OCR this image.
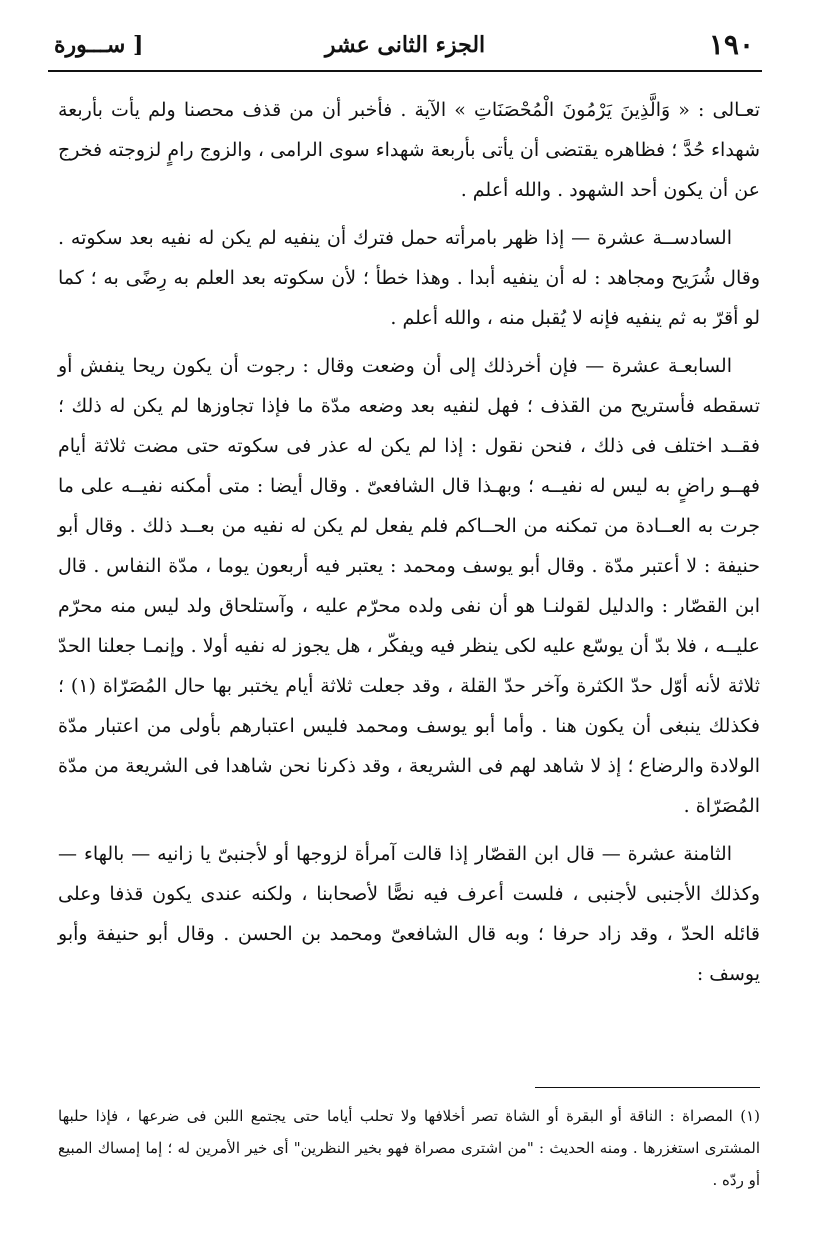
١٩٠
الجزء الثانى عشر
[ ســـورة

تعـالى : « وَالَّذِينَ يَرْمُونَ الْمُحْصَنَاتِ » الآية . فأخبر أن من قذف محصنا ولم يأت بأربعة شهداء حُدَّ ؛ فظاهره يقتضى أن يأتى بأربعة شهداء سوى الرامى ، والزوج رامٍ لزوجته فخرج عن أن يكون أحد الشهود . والله أعلم .

السادســة عشرة — إذا ظهر بامرأته حمل فترك أن ينفيه لم يكن له نفيه بعد سكوته . وقال شُرَيح ومجاهد : له أن ينفيه أبدا . وهذا خطأ ؛ لأن سكوته بعد العلم به رِضًى به ؛ كما لو أقرّ به ثم ينفيه فإنه لا يُقبل منه ، والله أعلم .

السابعـة عشرة — فإن أخرذلك إلى أن وضعت وقال : رجوت أن يكون ريحا ينفش أو تسقطه فأستريح من القذف ؛ فهل لنفيه بعد وضعه مدّة ما فإذا تجاوزها لم يكن له ذلك ؛ فقــد اختلف فى ذلك ، فنحن نقول : إذا لم يكن له عذر فى سكوته حتى مضت ثلاثة أيام فهــو راضٍ به ليس له نفيــه ؛ وبهـذا قال الشافعىّ . وقال أيضا : متى أمكنه نفيــه على ما جرت به العــادة من تمكنه من الحــاكم فلم يفعل لم يكن له نفيه من بعــد ذلك . وقال أبو حنيفة : لا أعتبر مدّة . وقال أبو يوسف ومحمد : يعتبر فيه أربعون يوما ، مدّة النفاس . قال ابن القصّار : والدليل لقولنـا هو أن نفى ولده محرّم عليه ، وآستلحاق ولد ليس منه محرّم عليــه ، فلا بدّ أن يوسّع عليه لكى ينظر فيه ويفكّر ، هل يجوز له نفيه أولا . وإنمـا جعلنا الحدّ ثلاثة لأنه أوّل حدّ الكثرة وآخر حدّ القلة ، وقد جعلت ثلاثة أيام يختبر بها حال المُصَرّاة (١) ؛ فكذلك ينبغى أن يكون هنا . وأما أبو يوسف ومحمد فليس اعتبارهم بأولى من اعتبار مدّة الولادة والرضاع ؛ إذ لا شاهد لهم فى الشريعة ، وقد ذكرنا نحن شاهدا فى الشريعة من مدّة المُصَرّاة .

الثامنة عشرة — قال ابن القصّار إذا قالت آمرأة لزوجها أو لأجنبىّ يا زانيه — بالهاء — وكذلك الأجنبى لأجنبى ، فلست أعرف فيه نصًّا لأصحابنا ، ولكنه عندى يكون قذفا وعلى قائله الحدّ ، وقد زاد حرفا ؛ وبه قال الشافعىّ ومحمد بن الحسن . وقال أبو حنيفة وأبو يوسف :

(١) المصراة : الناقة أو البقرة أو الشاة تصر أخلافها ولا تحلب أياما حتى يجتمع اللبن فى ضرعها ، فإذا حلبها المشترى استغزرها . ومنه الحديث : "من اشترى مصراة فهو بخير النظرين" أى خير الأمرين له ؛ إما إمساك المبيع أو ردّه .
